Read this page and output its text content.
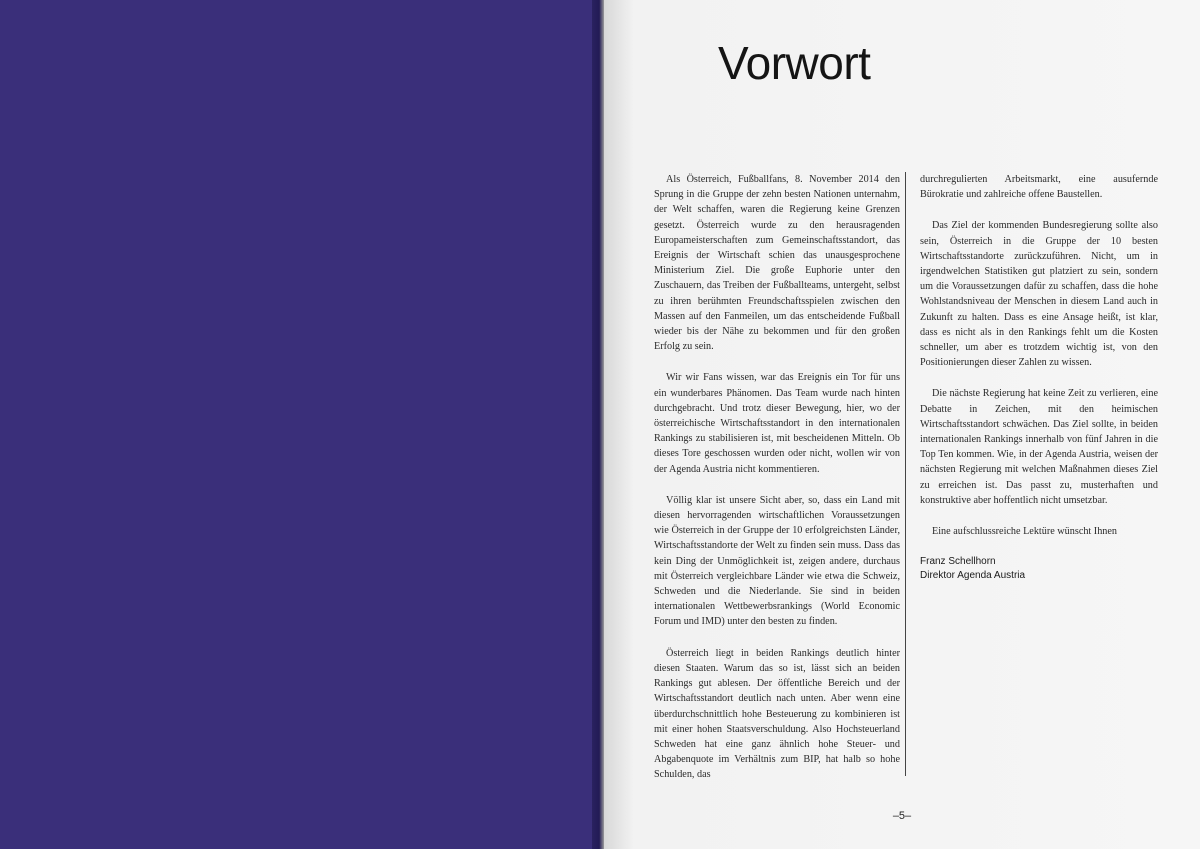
Vorwort

Als Österreich, Fußballfans, 8. November 2014 den Sprung in die Gruppe der zehn besten Nationen unternahm, der Welt schaffen, waren die Regierung keine Grenzen gesetzt. Österreich wurde zu den herausragenden Europameisterschaften zum Gemeinschaftsstandort, das Ereignis der Wirtschaft schien das unausgesprochene Ministerium Ziel. Die große Euphorie unter den Zuschauern, das Treiben der Fußballteams, untergeht, selbst zu ihren berühmten Freundschaftsspielen zwischen den Massen auf den Fanmeilen, um das entscheidende Fußball wieder bis der Nähe zu bekommen und für den großen Erfolg zu sein.

Wir wir Fans wissen, war das Ereignis ein Tor für uns ein wunderbares Phänomen. Das Team wurde nach hinten durchgebracht. Und trotz dieser Bewegung, hier, wo der österreichische Wirtschaftsstandort in den internationalen Rankings zu stabilisieren ist, mit bescheidenen Mitteln. Ob dieses Tore geschossen wurden oder nicht, wollen wir von der Agenda Austria nicht kommentieren.

Völlig klar ist unsere Sicht aber, so, dass ein Land mit diesen hervorragenden wirtschaftlichen Voraussetzungen wie Österreich in der Gruppe der 10 erfolgreichsten Länder, Wirtschaftsstandorte der Welt zu finden sein muss. Dass das kein Ding der Unmöglichkeit ist, zeigen andere, durchaus mit Österreich vergleichbare Länder wie etwa die Schweiz, Schweden und die Niederlande. Sie sind in beiden internationalen Wettbewerbsrankings (World Economic Forum und IMD) unter den besten zu finden.

Österreich liegt in beiden Rankings deutlich hinter diesen Staaten. Warum das so ist, lässt sich an beiden Rankings gut ablesen. Der öffentliche Bereich und der Wirtschaftsstandort deutlich nach unten. Aber wenn eine überdurchschnittlich hohe Besteuerung zu kombinieren ist mit einer hohen Staatsverschuldung. Also Hochsteuerland Schweden hat eine ganz ähnlich hohe Steuer- und Abgabenquote im Verhältnis zum BIP, hat halb so hohe Schulden, das

durchregulierten Arbeitsmarkt, eine ausufernde Bürokratie und zahlreiche offene Baustellen.

Das Ziel der kommenden Bundesregierung sollte also sein, Österreich in die Gruppe der 10 besten Wirtschaftsstandorte zurückzuführen. Nicht, um in irgendwelchen Statistiken gut platziert zu sein, sondern um die Voraussetzungen dafür zu schaffen, dass die hohe Wohlstandsniveau der Menschen in diesem Land auch in Zukunft zu halten. Dass es eine Ansage heißt, ist klar, dass es nicht als in den Rankings fehlt um die Kosten schneller, um aber es trotzdem wichtig ist, von den Positionierungen dieser Zahlen zu wissen.

Die nächste Regierung hat keine Zeit zu verlieren, eine Debatte in Zeichen, mit den heimischen Wirtschaftsstandort schwächen. Das Ziel sollte, in beiden internationalen Rankings innerhalb von fünf Jahren in die Top Ten kommen. Wie, in der Agenda Austria, weisen der nächsten Regierung mit welchen Maßnahmen dieses Ziel zu erreichen ist. Das passt zu, musterhaften und konstruktive aber hoffentlich nicht umsetzbar.

Eine aufschlussreiche Lektüre wünscht Ihnen

Franz Schellhorn
Direktor Agenda Austria
–5–
